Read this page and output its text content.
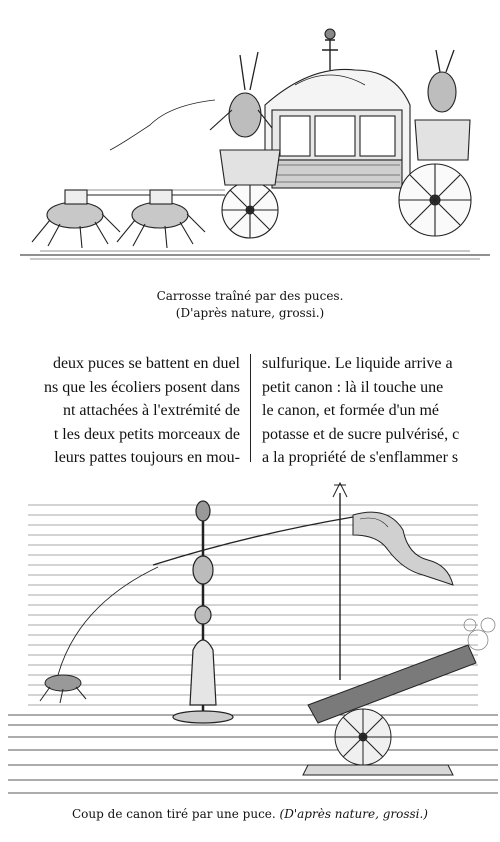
Carrosse traîné par des puces.
(D'après nature, grossi.)
deux puces se battent en duel
ns que les écoliers posent dans
nt attachées à l'extrémité de
t les deux petits morceaux de
leurs pattes toujours en mou-
sulfurique. Le liquide arrive a
petit canon : là il touche une
le canon, et formée d'un mé
potasse et de sucre pulvérisé, c
a la propriété de s'enflammer s
Coup de canon tiré par une puce. (D'après nature, grossi.)
